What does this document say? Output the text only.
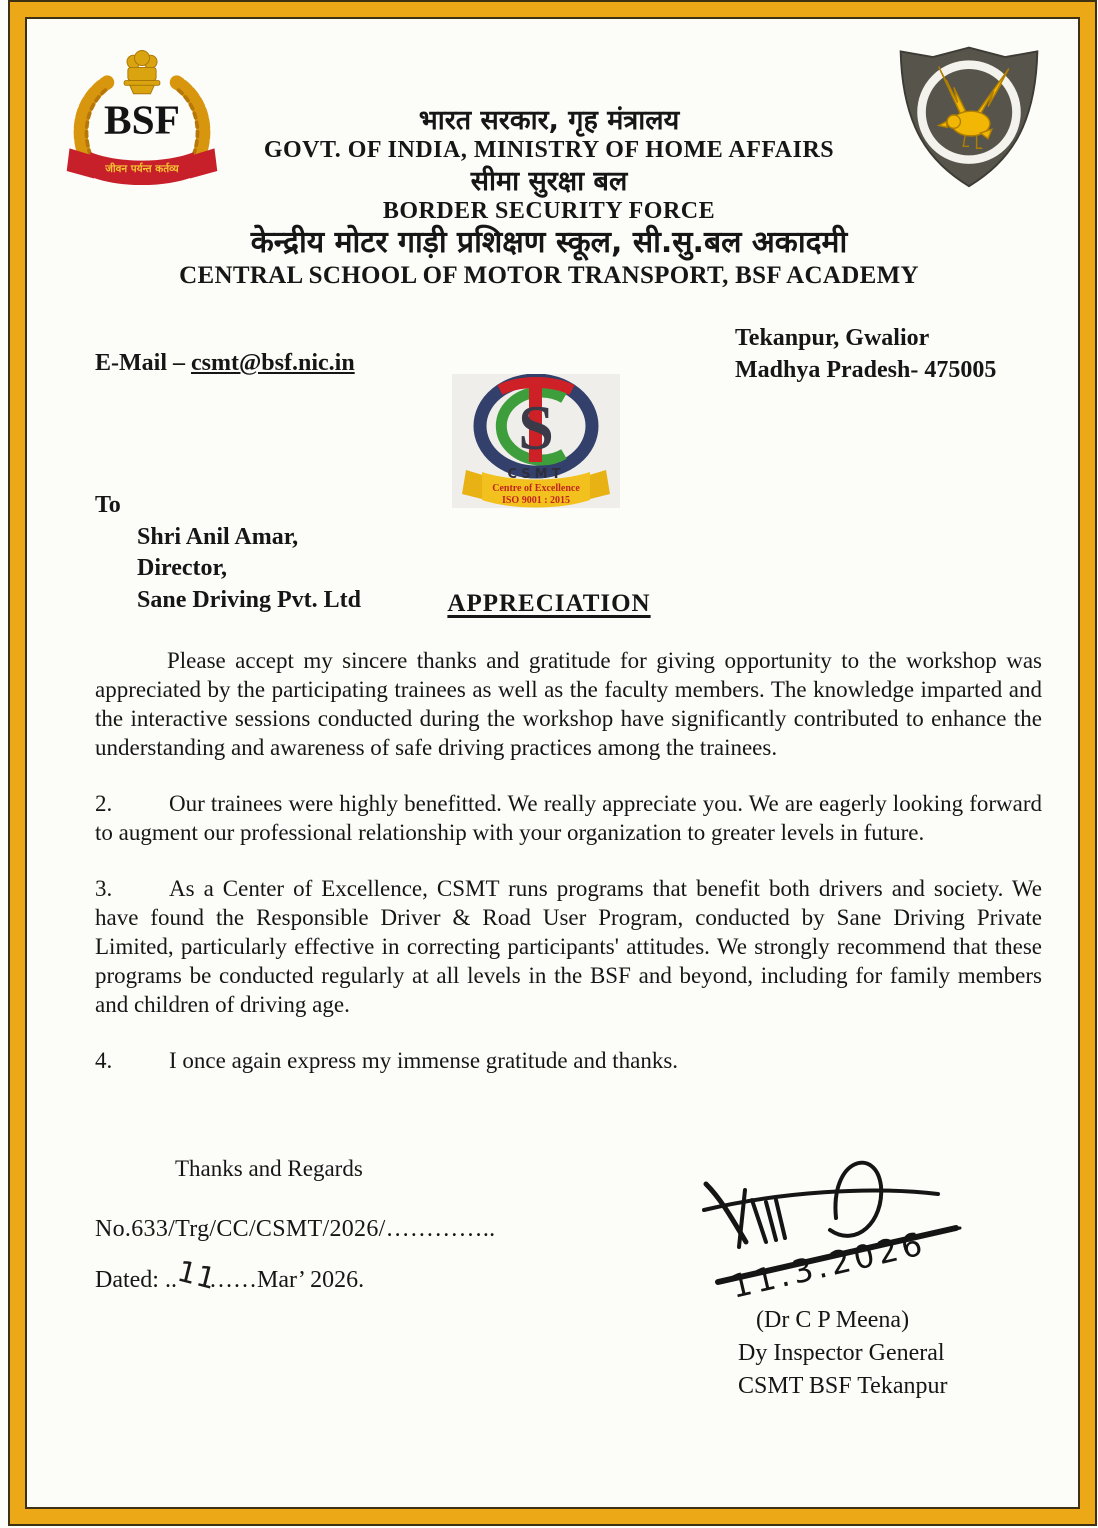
BSF
जीवन पर्यन्त कर्तव्य
भारत सरकार, गृह मंत्रालय
GOVT. OF INDIA, MINISTRY OF HOME AFFAIRS
सीमा सुरक्षा बल
BORDER SECURITY FORCE
केन्द्रीय मोटर गाड़ी प्रशिक्षण स्कूल, सी.सु.बल अकादमी
CENTRAL SCHOOL OF MOTOR TRANSPORT, BSF ACADEMY
E-Mail – csmt@bsf.nic.in
Tekanpur, Gwalior
Madhya Pradesh- 475005
S
CSMT
Centre of Excellence
ISO 9001 : 2015
To
Shri Anil Amar,
Director,
Sane Driving Pvt. Ltd	APPRECIATION

Please accept my sincere thanks and gratitude for giving opportunity to the workshop was appreciated by the participating trainees as well as the faculty members. The knowledge imparted and the interactive sessions conducted during the workshop have significantly contributed to enhance the understanding and awareness of safe driving practices among the trainees.

2. Our trainees were highly benefitted. We really appreciate you. We are eagerly looking forward to augment our professional relationship with your organization to greater levels in future.

3. As a Center of Excellence, CSMT runs programs that benefit both drivers and society. We have found the Responsible Driver & Road User Program, conducted by Sane Driving Private Limited, particularly effective in correcting participants' attitudes. We strongly recommend that these programs be conducted regularly at all levels in the BSF and beyond, including for family members and children of driving age.

4. I once again express my immense gratitude and thanks.

Thanks and Regards
No.633/Trg/CC/CSMT/2026/…………..
Dated: ..11……Mar’ 2026.	11.3.2026
(Dr C P Meena)
Dy Inspector General
CSMT BSF Tekanpur
